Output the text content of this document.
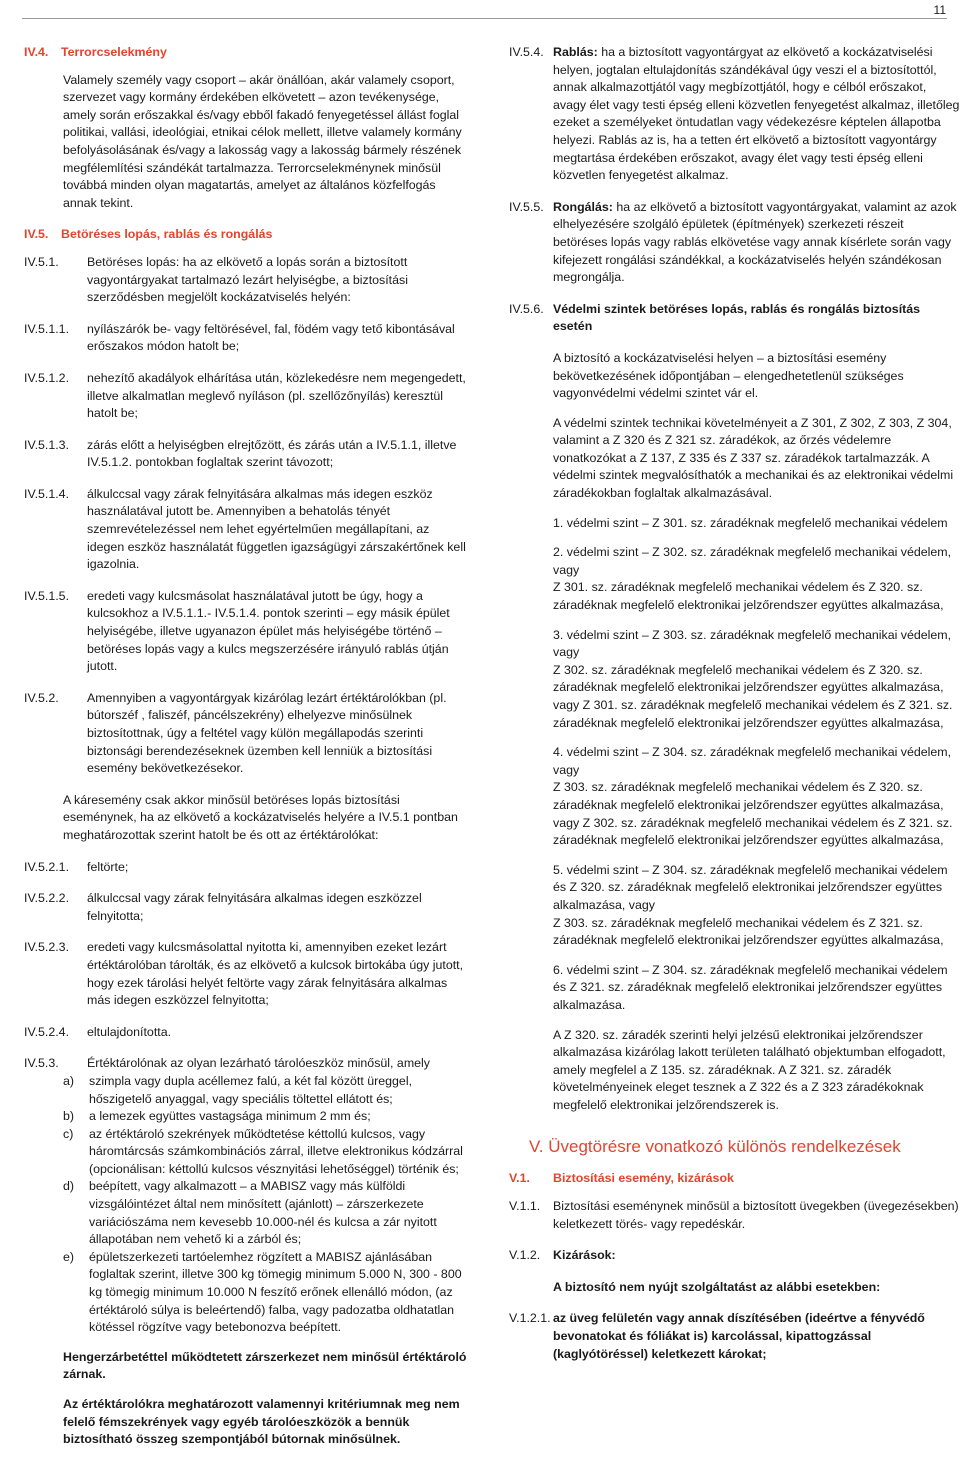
11
IV.4.	Terrorcselekmény

Valamely személy vagy csoport – akár önállóan, akár valamely csoport, szervezet vagy kormány érdekében elkövetett – azon tevékenysége, amely során erőszakkal és/vagy ebből fakadó fenyegetéssel állást foglal politikai, vallási, ideológiai, etnikai célok mellett, illetve valamely kormány befolyásolásának és/vagy a lakosság vagy a lakosság bármely részének megfélemlítési szándékát tartalmazza. Terrorcselekménynek minősül továbbá minden olyan magatartás, amelyet az általános közfelfogás annak tekint.

IV.5.	Betöréses lopás, rablás és rongálás
IV.5.1.	Betöréses lopás: ha az elkövető a lopás során a biztosított vagyontárgyakat tartalmazó lezárt helyiségbe, a biztosítási szerződésben megjelölt kockázatviselés helyén:
IV.5.1.1.	nyílászárók be- vagy feltörésével, fal, födém vagy tető kibontásával erőszakos módon hatolt be;
IV.5.1.2.	nehezítő akadályok elhárítása után, közlekedésre nem megengedett, illetve alkalmatlan meglevő nyíláson (pl. szellőzőnyílás) keresztül hatolt be;
IV.5.1.3.	zárás előtt a helyiségben elrejtőzött, és zárás után a IV.5.1.1, illetve IV.5.1.2. pontokban foglaltak szerint távozott;
IV.5.1.4.	álkulccsal vagy zárak felnyitására alkalmas más idegen eszköz használatával jutott be. Amennyiben a behatolás tényét szemrevételezéssel nem lehet egyértelműen megállapítani, az idegen eszköz használatát független igazságügyi zárszakértőnek kell igazolnia.
IV.5.1.5.	eredeti vagy kulcsmásolat használatával jutott be úgy, hogy a kulcsokhoz a IV.5.1.1.- IV.5.1.4. pontok szerinti – egy másik épület helyiségébe, illetve ugyanazon épület más helyiségébe történő – betöréses lopás vagy a kulcs megszerzésére irányuló rablás útján jutott.
IV.5.2.	Amennyiben a vagyontárgyak kizárólag lezárt értéktárolókban (pl. bútorszéf , faliszéf, páncélszekrény) elhelyezve minősülnek biztosítottnak, úgy a feltétel vagy külön megállapodás szerinti biztonsági berendezéseknek üzemben kell lenniük a biztosítási esemény bekövetkezésekor.

A káresemény csak akkor minősül betöréses lopás biztosítási eseménynek, ha az elkövető a kockázatviselés helyére a IV.5.1 pontban meghatározottak szerint hatolt be és ott az értéktárolókat:

IV.5.2.1.	feltörte;
IV.5.2.2.	álkulccsal vagy zárak felnyitására alkalmas idegen eszközzel felnyitotta;
IV.5.2.3.	eredeti vagy kulcsmásolattal nyitotta ki, amennyiben ezeket lezárt értéktárolóban tárolták, és az elkövető a kulcsok birtokába úgy jutott, hogy ezek tárolási helyét feltörte vagy zárak felnyitására alkalmas más idegen eszközzel felnyitotta;
IV.5.2.4.	eltulajdonította.
IV.5.3.	Értéktárolónak az olyan lezárható tárolóeszköz minősül, amely
a)	szimpla vagy dupla acéllemez falú, a két fal között üreggel, hőszigetelő anyaggal, vagy speciális töltettel ellátott és;
b)	a lemezek együttes vastagsága minimum 2 mm és;
c)	az értéktároló szekrények működtetése kéttollú kulcsos, vagy háromtárcsás számkombinációs zárral, illetve elektronikus kódzárral (opcionálisan: kéttollú kulcsos vésznyitási lehetőséggel) történik és;
d)	beépített, vagy alkalmazott – a MABISZ vagy más külföldi vizsgálóintézet által nem minősített (ajánlott) – zárszerkezete variációszáma nem kevesebb 10.000-nél és kulcsa a zár nyitott állapotában nem vehető ki a zárból és;
e)	épületszerkezeti tartóelemhez rögzített a MABISZ ajánlásában foglaltak szerint, illetve 300 kg tömegig minimum 5.000 N, 300 - 800 kg tömegig minimum 10.000 N feszítő erőnek ellenálló módon, (az értéktároló súlya is beleértendő) falba, vagy padozatba oldhatatlan kötéssel rögzítve vagy betebonozva beépített.

Hengerzárbetéttel működtetett zárszerkezet nem minősül értéktároló zárnak.

Az értéktárolókra meghatározott valamennyi kritériumnak meg nem felelő fémszekrények vagy egyéb tárolóeszközök a bennük biztosítható összeg szempontjából bútornak minősülnek.

IV.5.4. Rablás: ha a biztosított vagyontárgyat az elkövető a kockázatviselési helyen, jogtalan eltulajdonítás szándékával úgy veszi el a biztosítottól, annak alkalmazottjától vagy megbízottjától, hogy e célból erőszakot, avagy élet vagy testi épség elleni közvetlen fenyegetést alkalmaz, illetőleg ezeket a személyeket öntudatlan vagy védekezésre képtelen állapotba helyezi. Rablás az is, ha a tetten ért elkövető a biztosított vagyontárgy megtartása érdekében erőszakot, avagy élet vagy testi épség elleni közvetlen fenyegetést alkalmaz.
IV.5.5. Rongálás: ha az elkövető a biztosított vagyontárgyakat, valamint az azok elhelyezésére szolgáló épületek (építmények) szerkezeti részeit betöréses lopás vagy rablás elkövetése vagy annak kísérlete során vagy kifejezett rongálási szándékkal, a kockázatviselés helyén szándékosan megrongálja.
IV.5.6. Védelmi szintek betöréses lopás, rablás és rongálás biztosítás esetén

A biztosító a kockázatviselési helyen – a biztosítási esemény bekövetkezésének időpontjában – elengedhetetlenül szükséges vagyonvédelmi védelmi szintet vár el.

A védelmi szintek technikai követelményeit a Z 301, Z 302, Z 303, Z 304, valamint a Z 320 és Z 321 sz. záradékok, az őrzés védelemre vonatkozókat a Z 137, Z 335 és Z 337 sz. záradékok tartalmazzák. A védelmi szintek megvalósíthatók a mechanikai és az elektronikai védelmi záradékokban foglaltak alkalmazásával.

1. védelmi szint – Z 301. sz. záradéknak megfelelő mechanikai védelem

2. védelmi szint – Z 302. sz. záradéknak megfelelő mechanikai védelem, vagy
Z 301. sz. záradéknak megfelelő mechanikai védelem és Z 320. sz. záradéknak megfelelő elektronikai jelzőrendszer együttes alkalmazása,

3. védelmi szint – Z 303. sz. záradéknak megfelelő mechanikai védelem, vagy
Z 302. sz. záradéknak megfelelő mechanikai védelem és Z 320. sz. záradéknak megfelelő elektronikai jelzőrendszer együttes alkalmazása, vagy Z 301. sz. záradéknak megfelelő mechanikai védelem és Z 321. sz. záradéknak megfelelő elektronikai jelzőrendszer együttes alkalmazása,

4. védelmi szint – Z 304. sz. záradéknak megfelelő mechanikai védelem, vagy
Z 303. sz. záradéknak megfelelő mechanikai védelem és Z 320. sz. záradéknak megfelelő elektronikai jelzőrendszer együttes alkalmazása, vagy Z 302. sz. záradéknak megfelelő mechanikai védelem és Z 321. sz. záradéknak megfelelő elektronikai jelzőrendszer együttes alkalmazása,

5. védelmi szint – Z 304. sz. záradéknak megfelelő mechanikai védelem és Z 320. sz. záradéknak megfelelő elektronikai jelzőrendszer együttes alkalmazása, vagy
Z 303. sz. záradéknak megfelelő mechanikai védelem és Z 321. sz. záradéknak megfelelő elektronikai jelzőrendszer együttes alkalmazása,

6. védelmi szint – Z 304. sz. záradéknak megfelelő mechanikai védelem és Z 321. sz. záradéknak megfelelő elektronikai jelzőrendszer együttes alkalmazása.

A Z 320. sz. záradék szerinti helyi jelzésű elektronikai jelzőrendszer alkalmazása kizárólag lakott területen található objektumban elfogadott, amely megfelel a Z 135. sz. záradéknak. A Z 321. sz. záradék követelményeinek eleget tesznek a Z 322 és a Z 323 záradékoknak megfelelő elektronikai jelzőrendszerek is.

V. Üvegtörésre vonatkozó különös rendelkezések
V.1.	Biztosítási esemény, kizárások
V.1.1.	Biztosítási eseménynek minősül a biztosított üvegekben (üvegezésekben) keletkezett törés- vagy repedéskár.
V.1.2.	Kizárások:

A biztosító nem nyújt szolgáltatást az alábbi esetekben:

V.1.2.1. az üveg felületén vagy annak díszítésében (ideértve a fényvédő bevonatokat és fóliákat is) karcolással, kipattogzással (kaglyótöréssel) keletkezett károkat;
